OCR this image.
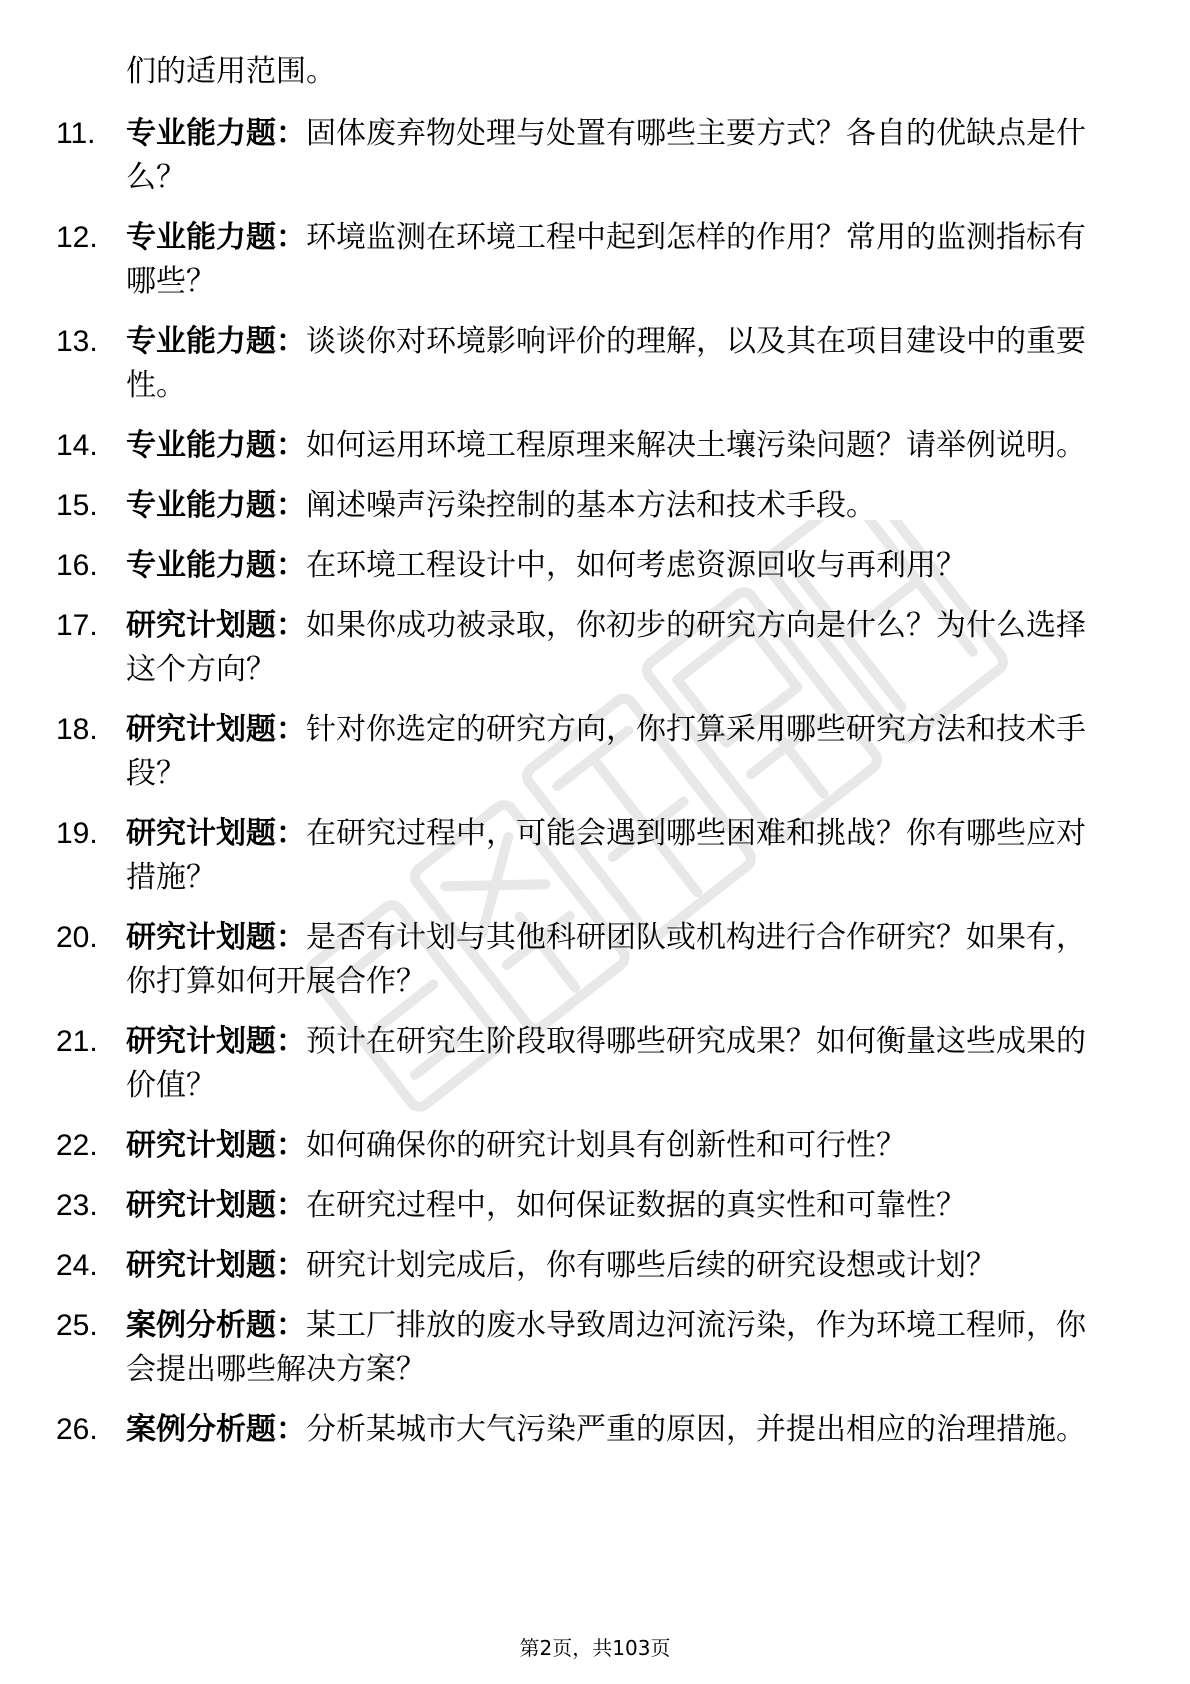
们的适用范围。

11.	专业能力题：固体废弃物处理与处置有哪些主要方式？各自的优缺点是什么？
12. 专业能力题：环境监测在环境工程中起到怎样的作用？常用的监测指标有哪些？
13. 专业能力题：谈谈你对环境影响评价的理解，以及其在项目建设中的重要性。
14. 专业能力题：如何运用环境工程原理来解决土壤污染问题？请举例说明。
15. 专业能力题：阐述噪声污染控制的基本方法和技术手段。
16. 专业能力题：在环境工程设计中，如何考虑资源回收与再利用？
17. 研究计划题：如果你成功被录取，你初步的研究方向是什么？为什么选择这个方向？
18. 研究计划题：针对你选定的研究方向，你打算采用哪些研究方法和技术手段？
19. 研究计划题：在研究过程中，可能会遇到哪些困难和挑战？你有哪些应对措施？
20. 研究计划题：是否有计划与其他科研团队或机构进行合作研究？如果有，你打算如何开展合作？
21. 研究计划题：预计在研究生阶段取得哪些研究成果？如何衡量这些成果的价值？
22. 研究计划题：如何确保你的研究计划具有创新性和可行性？
23. 研究计划题：在研究过程中，如何保证数据的真实性和可靠性？
24. 研究计划题：研究计划完成后，你有哪些后续的研究设想或计划？
25. 案例分析题：某工厂排放的废水导致周边河流污染，作为环境工程师，你会提出哪些解决方案？
26. 案例分析题：分析某城市大气污染严重的原因，并提出相应的治理措施。
第2页，共103页
